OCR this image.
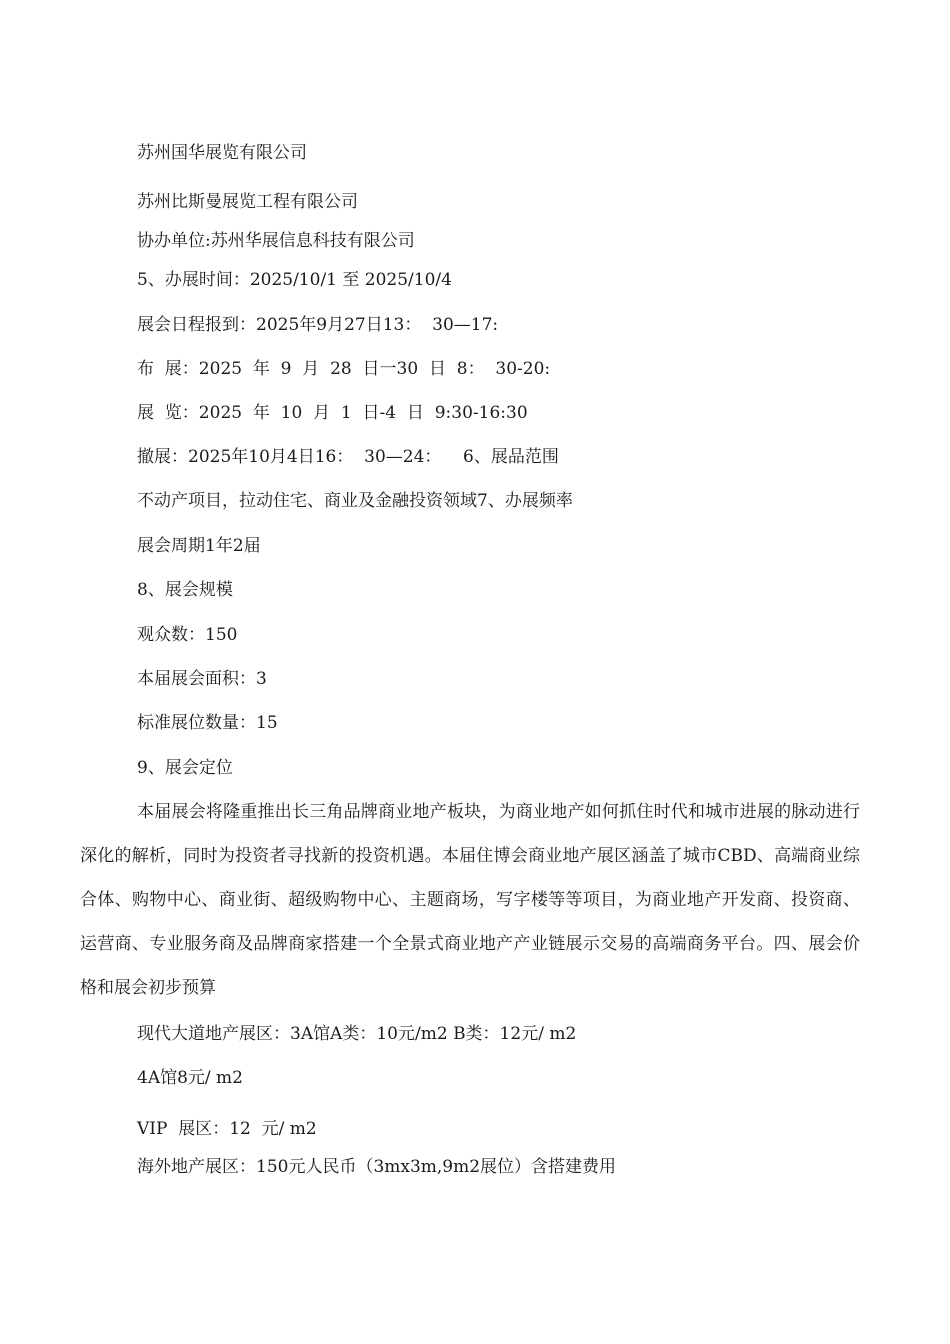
苏州国华展览有限公司
苏州比斯曼展览工程有限公司
协办单位:苏州华展信息科技有限公司
5、办展时间：2025/10/1 至 2025/10/4
展会日程报到：2025年9月27日13：  30—17:
布  展：2025  年  9  月  28  日一30  日  8：  30-20:
展  览：2025  年  10  月  1  日-4  日  9:30-16:30
撤展：2025年10月4日16：  30—24：    6、展品范围
不动产项目，拉动住宅、商业及金融投资领域7、办展频率
展会周期1年2届
8、展会规模
观众数：150
本届展会面积：3
标准展位数量：15
9、展会定位
本届展会将隆重推出长三角品牌商业地产板块，为商业地产如何抓住时代和城市进展的脉动进行深化的解析，同时为投资者寻找新的投资机遇。本届住博会商业地产展区涵盖了城市CBD、高端商业综合体、购物中心、商业街、超级购物中心、主题商场，写字楼等等项目，为商业地产开发商、投资商、运营商、专业服务商及品牌商家搭建一个全景式商业地产产业链展示交易的高端商务平台。四、展会价格和展会初步预算
现代大道地产展区：3A馆A类：10元/m2 B类：12元/ m2
4A馆8元/ m2
VIP  展区：12  元/ m2
海外地产展区：150元人民币（3mx3m,9m2展位）含搭建费用
